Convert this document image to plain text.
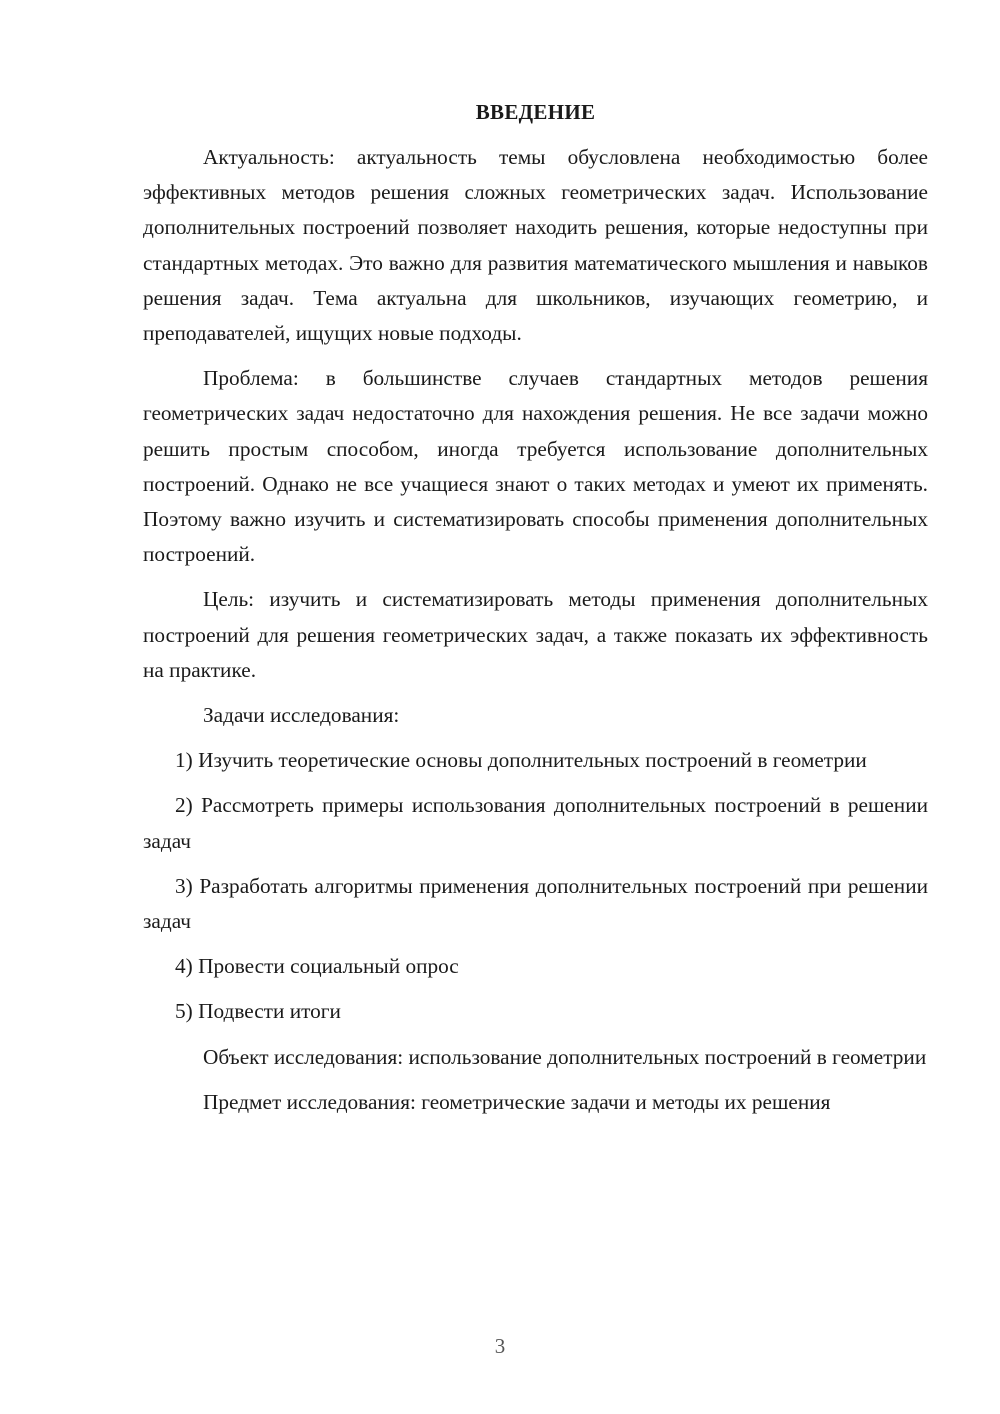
ВВЕДЕНИЕ

Актуальность: актуальность темы обусловлена необходимостью более эффективных методов решения сложных геометрических задач. Использование дополнительных построений позволяет находить решения, которые недоступны при стандартных методах. Это важно для развития математического мышления и навыков решения задач. Тема актуальна для школьников, изучающих геометрию, и преподавателей, ищущих новые подходы.

Проблема: в большинстве случаев стандартных методов решения геометрических задач недостаточно для нахождения решения. Не все задачи можно решить простым способом, иногда требуется использование дополнительных построений. Однако не все учащиеся знают о таких методах и умеют их применять. Поэтому важно изучить и систематизировать способы применения дополнительных построений.

Цель: изучить и систематизировать методы применения дополнительных построений для решения геометрических задач, а также показать их эффективность на практике.

Задачи исследования:

1) Изучить теоретические основы дополнительных построений в геометрии

2) Рассмотреть примеры использования дополнительных построений в решении задач

3) Разработать алгоритмы применения дополнительных построений при решении задач

4) Провести социальный опрос

5) Подвести итоги

Объект исследования: использование дополнительных построений в геометрии

Предмет исследования: геометрические задачи и методы их решения

3
